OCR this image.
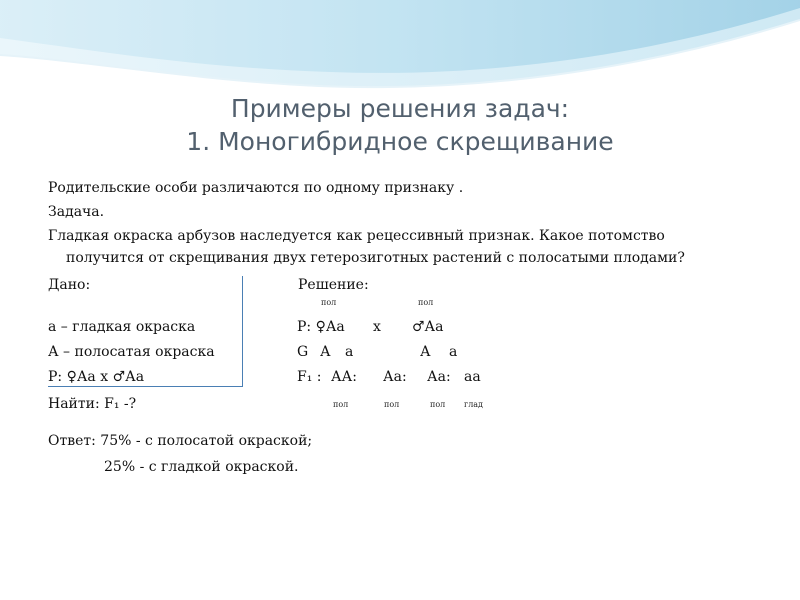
Примеры решения задач:
1. Моногибридное скрещивание
Родительские особи различаются по одному признаку .
Задача.
Гладкая окраска арбузов наследуется как рецессивный признак. Какое потомство
получится от скрещивания двух гетерозиготных растений с полосатыми плодами?
Дано:
а – гладкая окраска
А – полосатая окраска
Р: ♀Аа х ♂Аа
Найти: F₁ -?
Решение:
пол	пол
Р: ♀Аа х ♂Аа
G А а	А а
F₁ : АА: Аа: Аа: аа
пол	пол	пол глад
Ответ: 75% - с полосатой окраской;
25% - с гладкой окраской.
